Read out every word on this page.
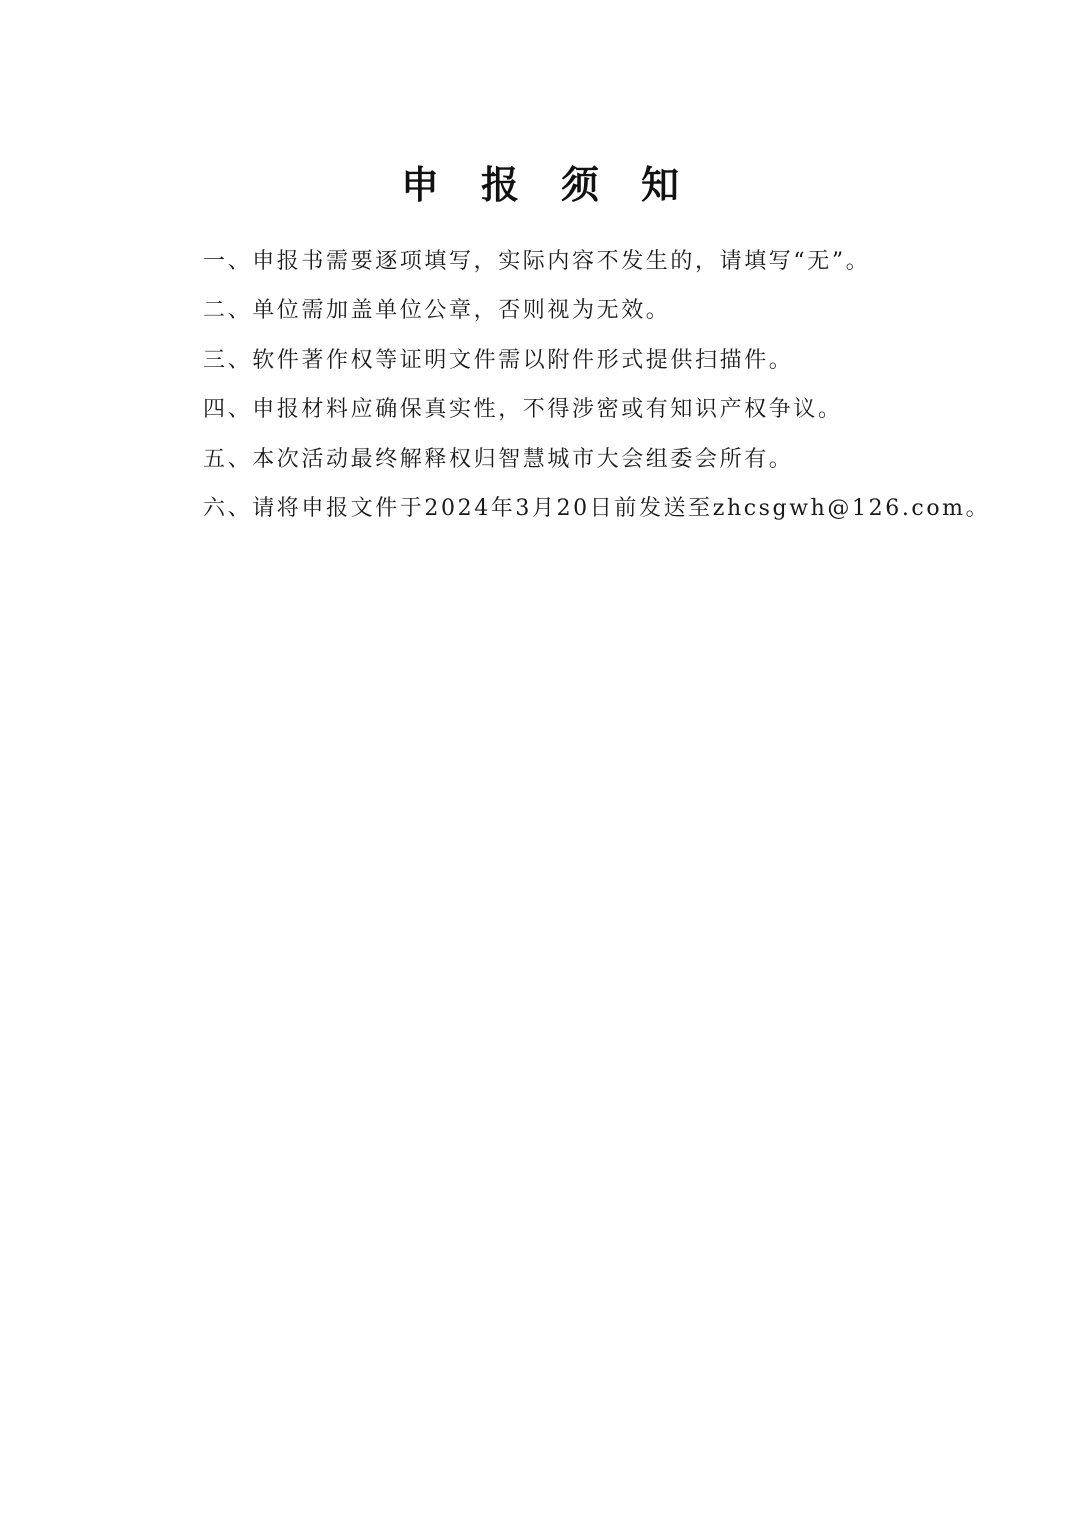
申报须知
一、申报书需要逐项填写，实际内容不发生的，请填写“无”。
二、单位需加盖单位公章，否则视为无效。
三、软件著作权等证明文件需以附件形式提供扫描件。
四、申报材料应确保真实性，不得涉密或有知识产权争议。
五、本次活动最终解释权归智慧城市大会组委会所有。
六、请将申报文件于2024年3月20日前发送至zhcsgwh@126.com。
